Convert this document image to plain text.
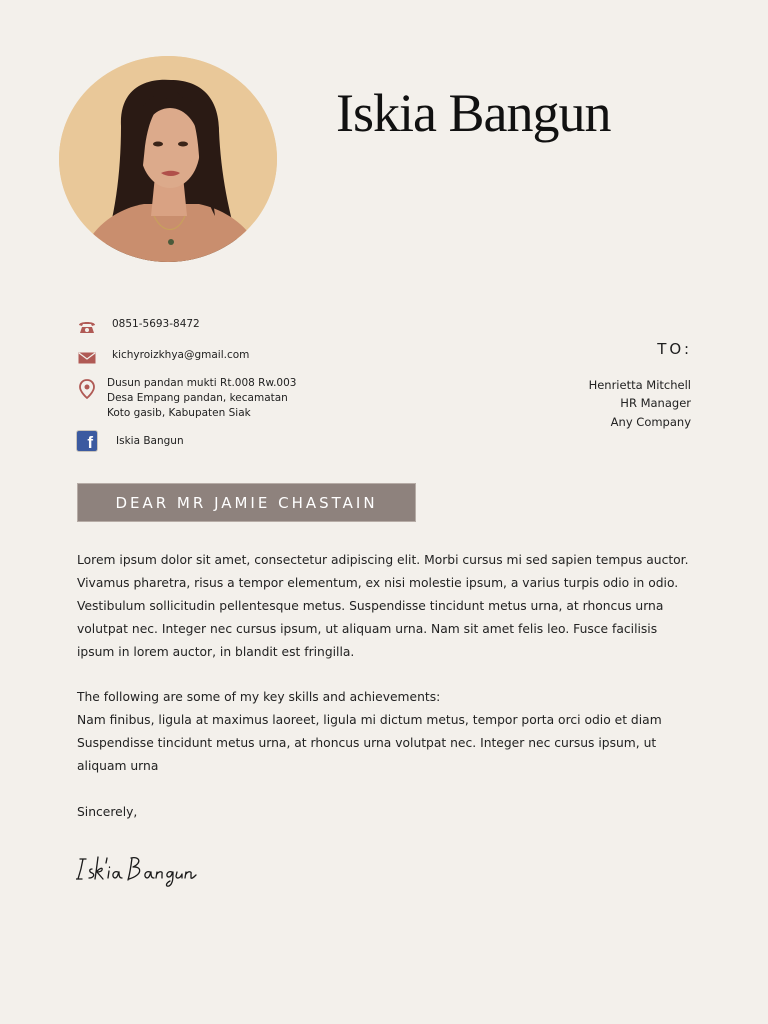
Iskia Bangun
0851-5693-8472
kichyroizkhya@gmail.com
Dusun pandan mukti Rt.008 Rw.003
Desa Empang pandan, kecamatan
Koto gasib, Kabupaten Siak
f	Iskia Bangun
TO:
Henrietta Mitchell
HR Manager
Any Company
DEAR MR JAMIE CHASTAIN

Lorem ipsum dolor sit amet, consectetur adipiscing elit. Morbi cursus mi sed sapien tempus auctor. Vivamus pharetra, risus a tempor elementum, ex nisi molestie ipsum, a varius turpis odio in odio. Vestibulum sollicitudin pellentesque metus. Suspendisse tincidunt metus urna, at rhoncus urna volutpat nec. Integer nec cursus ipsum, ut aliquam urna. Nam sit amet felis leo. Fusce facilisis ipsum in lorem auctor, in blandit est fringilla.

The following are some of my key skills and achievements:

Nam finibus, ligula at maximus laoreet, ligula mi dictum metus, tempor porta orci odio et diam Suspendisse tincidunt metus urna, at rhoncus urna volutpat nec. Integer nec cursus ipsum, ut aliquam urna

Sincerely,
